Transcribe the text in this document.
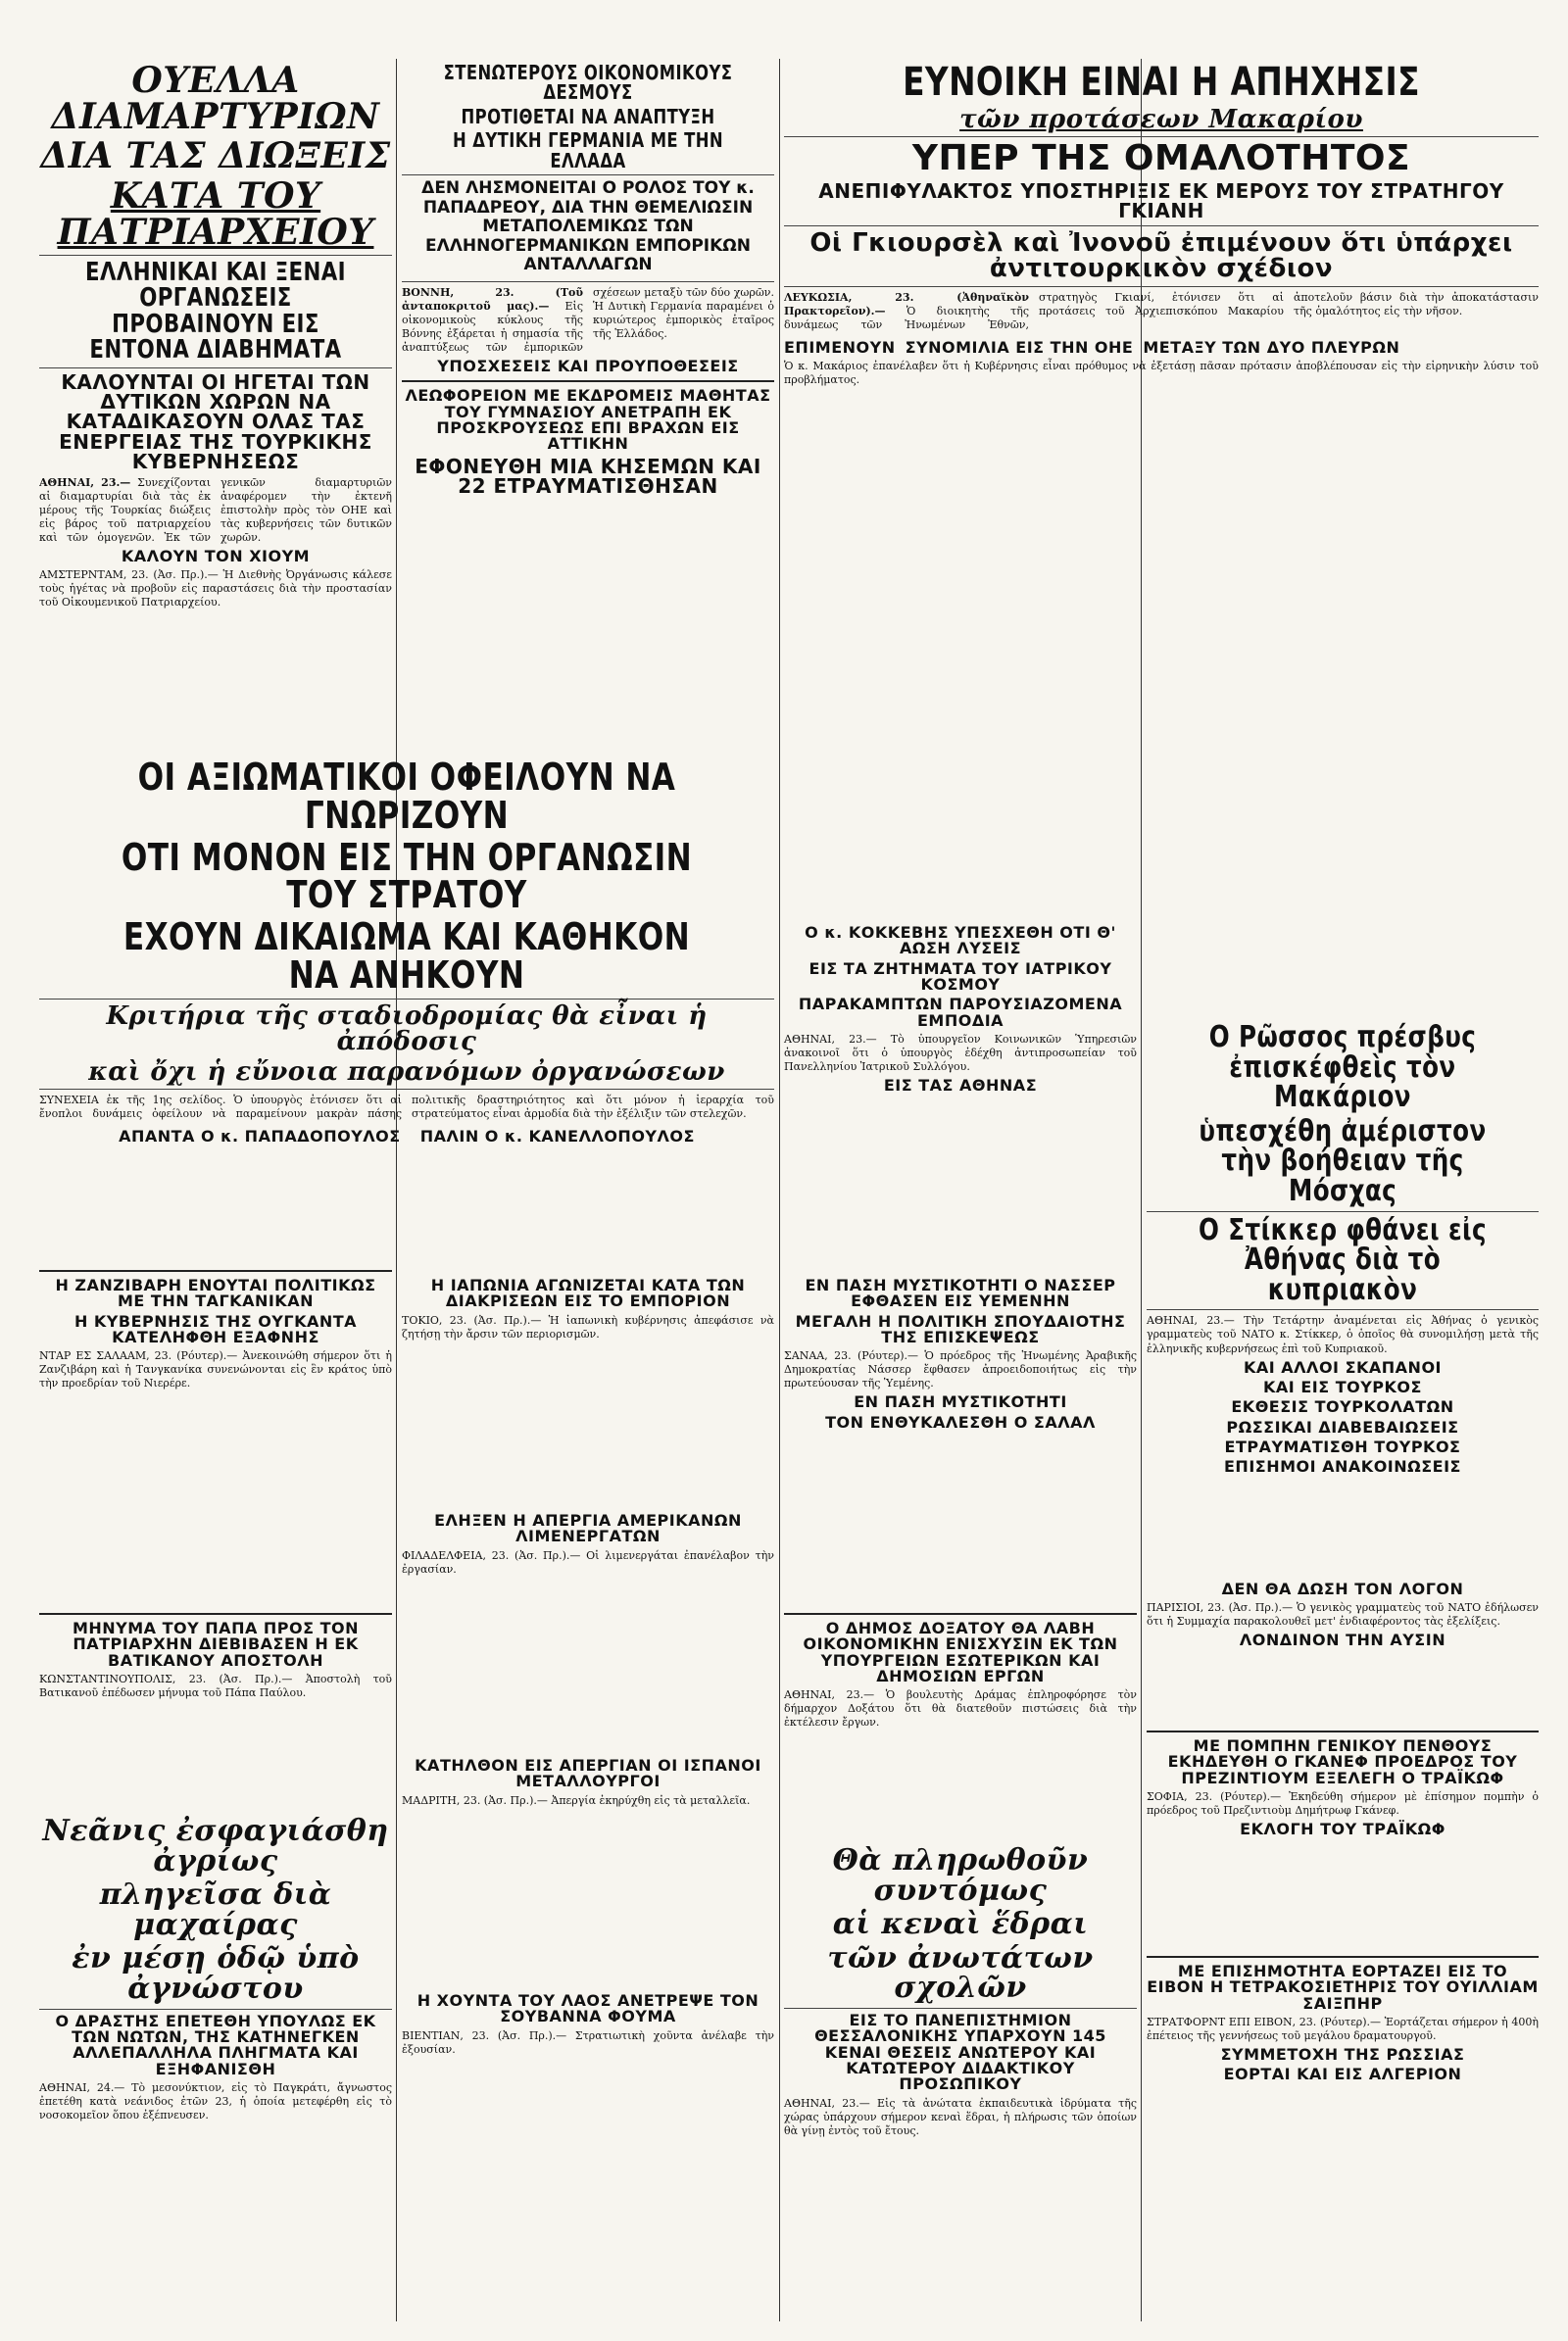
ΟΥΕΛΛΑ ΔΙΑΜΑΡΤΥΡΙΩΝ
ΔΙΑ ΤΑΣ ΔΙΩΞΕΙΣ
ΚΑΤΑ ΤΟΥ ΠΑΤΡΙΑΡΧΕΙΟΥ
ΕΛΛΗΝΙΚΑΙ ΚΑΙ ΞΕΝΑΙ ΟΡΓΑΝΩΣΕΙΣ ΠΡΟΒΑΙΝΟΥΝ ΕΙΣ ΕΝΤΟΝΑ ΔΙΑΒΗΜΑΤΑ
ΚΑΛΟΥΝΤΑΙ ΟΙ ΗΓΕΤΑΙ ΤΩΝ ΔΥΤΙΚΩΝ ΧΩΡΩΝ ΝΑ ΚΑΤΑΔΙΚΑΣΟΥΝ ΟΛΑΣ ΤΑΣ ΕΝΕΡΓΕΙΑΣ ΤΗΣ ΤΟΥΡΚΙΚΗΣ ΚΥΒΕΡΝΗΣΕΩΣ

ΑΘΗΝΑΙ, 23.— Συνεχίζονται αἱ διαμαρτυρίαι διὰ τὰς ἐκ μέρους τῆς Τουρκίας διώξεις εἰς βάρος τοῦ πατριαρχείου καὶ τῶν ὁμογενῶν. Ἐκ τῶν γενικῶν διαμαρτυριῶν ἀναφέρομεν τὴν ἐκτενῆ ἐπιστολὴν πρὸς τὸν ΟΗΕ καὶ τὰς κυβερνήσεις τῶν δυτικῶν χωρῶν.

ΚΑΛΟΥΝ ΤΟΝ ΧΙΟΥΜ

ΑΜΣΤΕΡΝΤΑΜ, 23. (Ἀσ. Πρ.).— Ἡ Διεθνὴς Ὀργάνωσις κάλεσε τοὺς ἡγέτας νὰ προβοῦν εἰς παραστάσεις διὰ τὴν προστασίαν τοῦ Οἰκουμενικοῦ Πατριαρχείου.

ΣΤΕΝΩΤΕΡΟΥΣ ΟΙΚΟΝΟΜΙΚΟΥΣ ΔΕΣΜΟΥΣ
ΠΡΟΤΙΘΕΤΑΙ ΝΑ ΑΝΑΠΤΥΞΗ
Η ΔΥΤΙΚΗ ΓΕΡΜΑΝΙΑ ΜΕ ΤΗΝ ΕΛΛΑΔΑ
ΔΕΝ ΛΗΣΜΟΝΕΙΤΑΙ Ο ΡΟΛΟΣ ΤΟΥ κ. ΠΑΠΑΔΡΕΟΥ, ΔΙΑ ΤΗΝ ΘΕΜΕΛΙΩΣΙΝ ΜΕΤΑΠΟΛΕΜΙΚΩΣ ΤΩΝ ΕΛΛΗΝΟΓΕΡΜΑΝΙΚΩΝ ΕΜΠΟΡΙΚΩΝ ΑΝΤΑΛΛΑΓΩΝ

ΒΟΝΝΗ, 23. (Τοῦ ἀνταποκριτοῦ μας).— Εἰς οἰκονομικοὺς κύκλους τῆς Βόννης ἐξάρεται ἡ σημασία τῆς ἀναπτύξεως τῶν ἐμπορικῶν σχέσεων μεταξὺ τῶν δύο χωρῶν. Ἡ Δυτικὴ Γερμανία παραμένει ὁ κυριώτερος ἐμπορικὸς ἑταῖρος τῆς Ἑλλάδος.

ΥΠΟΣΧΕΣΕΙΣ ΚΑΙ ΠΡΟΥΠΟΘΕΣΕΙΣ
ΛΕΩΦΟΡΕΙΟΝ ΜΕ ΕΚΔΡΟΜΕΙΣ ΜΑΘΗΤΑΣ ΤΟΥ ΓΥΜΝΑΣΙΟΥ ΑΝΕΤΡΑΠΗ ΕΚ ΠΡΟΣΚΡΟΥΣΕΩΣ ΕΠΙ ΒΡΑΧΩΝ ΕΙΣ ΑΤΤΙΚΗΝ
ΕΦΟΝΕΥΘΗ ΜΙΑ ΚΗΣΕΜΩΝ ΚΑΙ 22 ΕΤΡΑΥΜΑΤΙΣΘΗΣΑΝ
ΕΥΝΟΙΚΗ ΕΙΝΑΙ Η ΑΠΗΧΗΣΙΣ
τῶν προτάσεων Μακαρίου
ΥΠΕΡ ΤΗΣ ΟΜΑΛΟΤΗΤΟΣ
ΑΝΕΠΙΦΥΛΑΚΤΟΣ ΥΠΟΣΤΗΡΙΞΙΣ ΕΚ ΜΕΡΟΥΣ ΤΟΥ ΣΤΡΑΤΗΓΟΥ ΓΚΙΑΝΗ
Οἱ Γκιουρσὲλ καὶ Ἰνονοῦ ἐπιμένουν ὅτι ὑπάρχει ἀντιτουρκικὸν σχέδιον

ΛΕΥΚΩΣΙΑ, 23. (Ἀθηναϊκὸν Πρακτορεῖον).— Ὁ διοικητὴς τῆς δυνάμεως τῶν Ἠνωμένων Ἐθνῶν, στρατηγὸς Γκιανί, ἐτόνισεν ὅτι αἱ προτάσεις τοῦ Ἀρχιεπισκόπου Μακαρίου ἀποτελοῦν βάσιν διὰ τὴν ἀποκατάστασιν τῆς ὁμαλότητος εἰς τὴν νῆσον.

ΕΠΙΜΕΝΟΥΝ ΣΥΝΟΜΙΛΙΑ ΕΙΣ ΤΗΝ ΟΗΕ ΜΕΤΑΞΥ ΤΩΝ ΔΥΟ ΠΛΕΥΡΩΝ

Ὁ κ. Μακάριος ἐπανέλαβεν ὅτι ἡ Κυβέρνησις εἶναι πρόθυμος νὰ ἐξετάσῃ πᾶσαν πρότασιν ἀποβλέπουσαν εἰς τὴν εἰρηνικὴν λύσιν τοῦ προβλήματος.

ΟΙ ΑΞΙΩΜΑΤΙΚΟΙ ΟΦΕΙΛΟΥΝ ΝΑ ΓΝΩΡΙΖΟΥΝ
ΟΤΙ ΜΟΝΟΝ ΕΙΣ ΤΗΝ ΟΡΓΑΝΩΣΙΝ ΤΟΥ ΣΤΡΑΤΟΥ
ΕΧΟΥΝ ΔΙΚΑΙΩΜΑ ΚΑΙ ΚΑΘΗΚΟΝ ΝΑ ΑΝΗΚΟΥΝ
Κριτήρια τῆς σταδιοδρομίας θὰ εἶναι ἡ ἀπόδοσις
καὶ ὄχι ἡ εὔνοια παρανόμων ὀργανώσεων

ΣΥΝΕΧΕΙΑ ἐκ τῆς 1ης σελίδος. Ὁ ὑπουργὸς ἐτόνισεν ὅτι αἱ ἔνοπλοι δυνάμεις ὀφείλουν νὰ παραμείνουν μακρὰν πάσης πολιτικῆς δραστηριότητος καὶ ὅτι μόνον ἡ ἱεραρχία τοῦ στρατεύματος εἶναι ἀρμοδία διὰ τὴν ἐξέλιξιν τῶν στελεχῶν.

ΑΠΑΝΤΑ Ο κ. ΠΑΠΑΔΟΠΟΥΛΟΣ ΠΑΛΙΝ Ο κ. ΚΑΝΕΛΛΟΠΟΥΛΟΣ
Ο κ. ΚΟΚΚΕΒΗΣ ΥΠΕΣΧΕΘΗ ΟΤΙ Θ' ΑΩΣΗ ΛΥΣΕΙΣ
ΕΙΣ ΤΑ ΖΗΤΗΜΑΤΑ ΤΟΥ ΙΑΤΡΙΚΟΥ ΚΟΣΜΟΥ
ΠΑΡΑΚΑΜΠΤΩΝ ΠΑΡΟΥΣΙΑΖΟΜΕΝΑ ΕΜΠΟΔΙΑ

ΑΘΗΝΑΙ, 23.— Τὸ ὑπουργεῖον Κοινωνικῶν Ὑπηρεσιῶν ἀνακοινοῖ ὅτι ὁ ὑπουργὸς ἐδέχθη ἀντιπροσωπείαν τοῦ Πανελληνίου Ἰατρικοῦ Συλλόγου.

ΕΙΣ ΤΑΣ ΑΘΗΝΑΣ
Ο Ρῶσσος πρέσβυς ἐπισκέφθεὶς τὸν Μακάριον
ὑπεσχέθη ἀμέριστον τὴν βοήθειαν τῆς Μόσχας
Ο Στίκκερ φθάνει εἰς Ἀθήνας διὰ τὸ κυπριακὸν

ΑΘΗΝΑΙ, 23.— Τὴν Τετάρτην ἀναμένεται εἰς Ἀθήνας ὁ γενικὸς γραμματεὺς τοῦ ΝΑΤΟ κ. Στίκκερ, ὁ ὁποῖος θὰ συνομιλήσῃ μετὰ τῆς ἑλληνικῆς κυβερνήσεως ἐπὶ τοῦ Κυπριακοῦ.

ΚΑΙ ΑΛΛΟΙ ΣΚΑΠΑΝΟΙ
ΚΑΙ ΕΙΣ ΤΟΥΡΚΟΣ
ΕΚΘΕΣΙΣ ΤΟΥΡΚΟΛΑΤΩΝ
ΡΩΣΣΙΚΑΙ ΔΙΑΒΕΒΑΙΩΣΕΙΣ
ΕΤΡΑΥΜΑΤΙΣΘΗ ΤΟΥΡΚΟΣ
ΕΠΙΣΗΜΟΙ ΑΝΑΚΟΙΝΩΣΕΙΣ
ΕΝ ΠΑΣΗ ΜΥΣΤΙΚΟΤΗΤΙ Ο ΝΑΣΣΕΡ ΕΦΘΑΣΕΝ ΕΙΣ ΥΕΜΕΝΗΝ
ΜΕΓΑΛΗ Η ΠΟΛΙΤΙΚΗ ΣΠΟΥΔΑΙΟΤΗΣ ΤΗΣ ΕΠΙΣΚΕΨΕΩΣ

ΣΑΝΑΑ, 23. (Ρόυτερ).— Ὁ πρόεδρος τῆς Ἡνωμένης Ἀραβικῆς Δημοκρατίας Νάσσερ ἔφθασεν ἀπροειδοποιήτως εἰς τὴν πρωτεύουσαν τῆς Ὑεμένης.

ΕΝ ΠΑΣΗ ΜΥΣΤΙΚΟΤΗΤΙ
ΤΟΝ ΕΝΘΥΚΑΛΕΣΘΗ Ο ΣΑΛΑΛ
Η ΖΑΝΖΙΒΑΡΗ ΕΝΟΥΤΑΙ ΠΟΛΙΤΙΚΩΣ ΜΕ ΤΗΝ ΤΑΓΚΑΝΙΚΑΝ
Η ΚΥΒΕΡΝΗΣΙΣ ΤΗΣ ΟΥΓΚΑΝΤΑ ΚΑΤΕΛΗΦΘΗ ΕΞΑΦΝΗΣ

ΝΤΑΡ ΕΣ ΣΑΛΑΑΜ, 23. (Ρόυτερ).— Ἀνεκοινώθη σήμερον ὅτι ἡ Ζανζιβάρη καὶ ἡ Τανγκανίκα συνενώνονται εἰς ἓν κράτος ὑπὸ τὴν προεδρίαν τοῦ Νιερέρε.

Η ΙΑΠΩΝΙΑ ΑΓΩΝΙΖΕΤΑΙ ΚΑΤΑ ΤΩΝ ΔΙΑΚΡΙΣΕΩΝ ΕΙΣ ΤΟ ΕΜΠΟΡΙΟΝ

ΤΟΚΙΟ, 23. (Ἀσ. Πρ.).— Ἡ ἰαπωνικὴ κυβέρνησις ἀπεφάσισε νὰ ζητήσῃ τὴν ἄρσιν τῶν περιορισμῶν.

ΕΛΗΞΕΝ Η ΑΠΕΡΓΙΑ ΑΜΕΡΙΚΑΝΩΝ ΛΙΜΕΝΕΡΓΑΤΩΝ

ΦΙΛΑΔΕΛΦΕΙΑ, 23. (Ἀσ. Πρ.).— Οἱ λιμενεργάται ἐπανέλαβον τὴν ἐργασίαν.

Ο ΔΗΜΟΣ ΔΟΞΑΤΟΥ ΘΑ ΛΑΒΗ ΟΙΚΟΝΟΜΙΚΗΝ ΕΝΙΣΧΥΣΙΝ ΕΚ ΤΩΝ ΥΠΟΥΡΓΕΙΩΝ ΕΣΩΤΕΡΙΚΩΝ ΚΑΙ ΔΗΜΟΣΙΩΝ ΕΡΓΩΝ

ΑΘΗΝΑΙ, 23.— Ὁ βουλευτὴς Δράμας ἐπληροφόρησε τὸν δήμαρχον Δοξάτου ὅτι θὰ διατεθοῦν πιστώσεις διὰ τὴν ἐκτέλεσιν ἔργων.

ΜΗΝΥΜΑ ΤΟΥ ΠΑΠΑ ΠΡΟΣ ΤΟΝ ΠΑΤΡΙΑΡΧΗΝ ΔΙΕΒΙΒΑΣΕΝ Η ΕΚ ΒΑΤΙΚΑΝΟΥ ΑΠΟΣΤΟΛΗ

ΚΩΝΣΤΑΝΤΙΝΟΥΠΟΛΙΣ, 23. (Ἀσ. Πρ.).— Ἀποστολὴ τοῦ Βατικανοῦ ἐπέδωσεν μήνυμα τοῦ Πάπα Παύλου.

ΚΑΤΗΛΘΟΝ ΕΙΣ ΑΠΕΡΓΙΑΝ ΟΙ ΙΣΠΑΝΟΙ ΜΕΤΑΛΛΟΥΡΓΟΙ

ΜΑΔΡΙΤΗ, 23. (Ἀσ. Πρ.).— Ἀπεργία ἐκηρύχθη εἰς τὰ μεταλλεῖα.

Η ΧΟΥΝΤΑ ΤΟΥ ΛΑΟΣ ΑΝΕΤΡΕΨΕ ΤΟΝ ΣΟΥΒΑΝΝΑ ΦΟΥΜΑ

ΒΙΕΝΤΙΑΝ, 23. (Ἀσ. Πρ.).— Στρατιωτικὴ χοῦντα ἀνέλαβε τὴν ἐξουσίαν.

Νεᾶνις ἐσφαγιάσθη ἀγρίως
πληγεῖσα διὰ μαχαίρας
ἐν μέσῃ ὁδῷ ὑπὸ ἀγνώστου
Ο ΔΡΑΣΤΗΣ ΕΠΕΤΕΘΗ ΥΠΟΥΛΩΣ ΕΚ ΤΩΝ ΝΩΤΩΝ, ΤΗΣ ΚΑΤΗΝΕΓΚΕΝ ΑΛΛΕΠΑΛΛΗΛΑ ΠΛΗΓΜΑΤΑ ΚΑΙ ΕΞΗΦΑΝΙΣΘΗ

ΑΘΗΝΑΙ, 24.— Τὸ μεσονύκτιον, εἰς τὸ Παγκράτι, ἄγνωστος ἐπετέθη κατὰ νεάνιδος ἐτῶν 23, ἡ ὁποία μετεφέρθη εἰς τὸ νοσοκομεῖον ὅπου ἐξέπνευσεν.

Θὰ πληρωθοῦν συντόμως
αἱ κεναὶ ἕδραι
τῶν ἀνωτάτων σχολῶν
ΕΙΣ ΤΟ ΠΑΝΕΠΙΣΤΗΜΙΟΝ ΘΕΣΣΑΛΟΝΙΚΗΣ ΥΠΑΡΧΟΥΝ 145 ΚΕΝΑΙ ΘΕΣΕΙΣ ΑΝΩΤΕΡΟΥ ΚΑΙ ΚΑΤΩΤΕΡΟΥ ΔΙΔΑΚΤΙΚΟΥ ΠΡΟΣΩΠΙΚΟΥ

ΑΘΗΝΑΙ, 23.— Εἰς τὰ ἀνώτατα ἐκπαιδευτικὰ ἱδρύματα τῆς χώρας ὑπάρχουν σήμερον κεναὶ ἕδραι, ἡ πλήρωσις τῶν ὁποίων θὰ γίνῃ ἐντὸς τοῦ ἔτους.

ΔΕΝ ΘΑ ΔΩΣΗ ΤΟΝ ΛΟΓΟΝ

ΠΑΡΙΣΙΟΙ, 23. (Ἀσ. Πρ.).— Ὁ γενικὸς γραμματεὺς τοῦ ΝΑΤΟ ἐδήλωσεν ὅτι ἡ Συμμαχία παρακολουθεῖ μετ' ἐνδιαφέροντος τὰς ἐξελίξεις.

ΛΟΝΔΙΝΟΝ ΤΗΝ ΑΥΣΙΝ
ΜΕ ΠΟΜΠΗΝ ΓΕΝΙΚΟΥ ΠΕΝΘΟΥΣ ΕΚΗΔΕΥΘΗ Ο ΓΚΑΝΕΦ ΠΡΟΕΔΡΟΣ ΤΟΥ ΠΡΕΖΙΝΤΙΟΥΜ ΕΞΕΛΕΓΗ Ο ΤΡΑΪΚΩΦ

ΣΟΦΙΑ, 23. (Ρόυτερ).— Ἐκηδεύθη σήμερον μὲ ἐπίσημον πομπὴν ὁ πρόεδρος τοῦ Πρεζιντιοὺμ Δημήτρωφ Γκάνεφ.

ΕΚΛΟΓΗ ΤΟΥ ΤΡΑΪΚΩΦ
ΜΕ ΕΠΙΣΗΜΟΤΗΤΑ ΕΟΡΤΑΖΕΙ ΕΙΣ ΤΟ ΕΙΒΟΝ Η ΤΕΤΡΑΚΟΣΙΕΤΗΡΙΣ ΤΟΥ ΟΥΙΛΛΙΑΜ ΣΑΙΞΠΗΡ

ΣΤΡΑΤΦΟΡΝΤ ΕΠΙ ΕΙΒΟΝ, 23. (Ρόυτερ).— Ἑορτάζεται σήμερον ἡ 400ὴ ἐπέτειος τῆς γεννήσεως τοῦ μεγάλου δραματουργοῦ.

ΣΥΜΜΕΤΟΧΗ ΤΗΣ ΡΩΣΣΙΑΣ
ΕΟΡΤΑΙ ΚΑΙ ΕΙΣ ΑΛΓΕΡΙΟΝ
